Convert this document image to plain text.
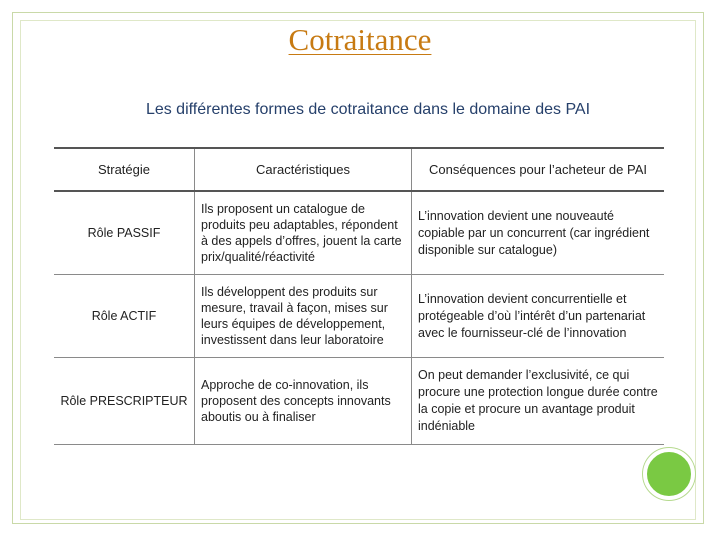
Cotraitance
Les différentes formes de cotraitance dans le domaine des PAI
Stratégie	Caractéristiques	Conséquences pour l’acheteur de PAI
Rôle PASSIF	Ils proposent un catalogue de produits peu adaptables, répondent à des appels d’offres, jouent la carte prix/qualité/réactivité	L’innovation devient une nouveauté copiable par un concurrent (car ingrédient disponible sur catalogue)
Rôle ACTIF	Ils développent des produits sur mesure, travail à façon, mises sur leurs équipes de développement, investissent dans leur laboratoire	L’innovation devient concurrentielle et protégeable d’où l’intérêt d’un partenariat avec le fournisseur-clé de l’innovation
Rôle PRESCRIPTEUR	Approche de co-innovation, ils proposent des concepts innovants aboutis ou à finaliser	On peut demander l’exclusivité, ce qui procure une protection longue durée contre la copie et procure un avantage produit indéniable
